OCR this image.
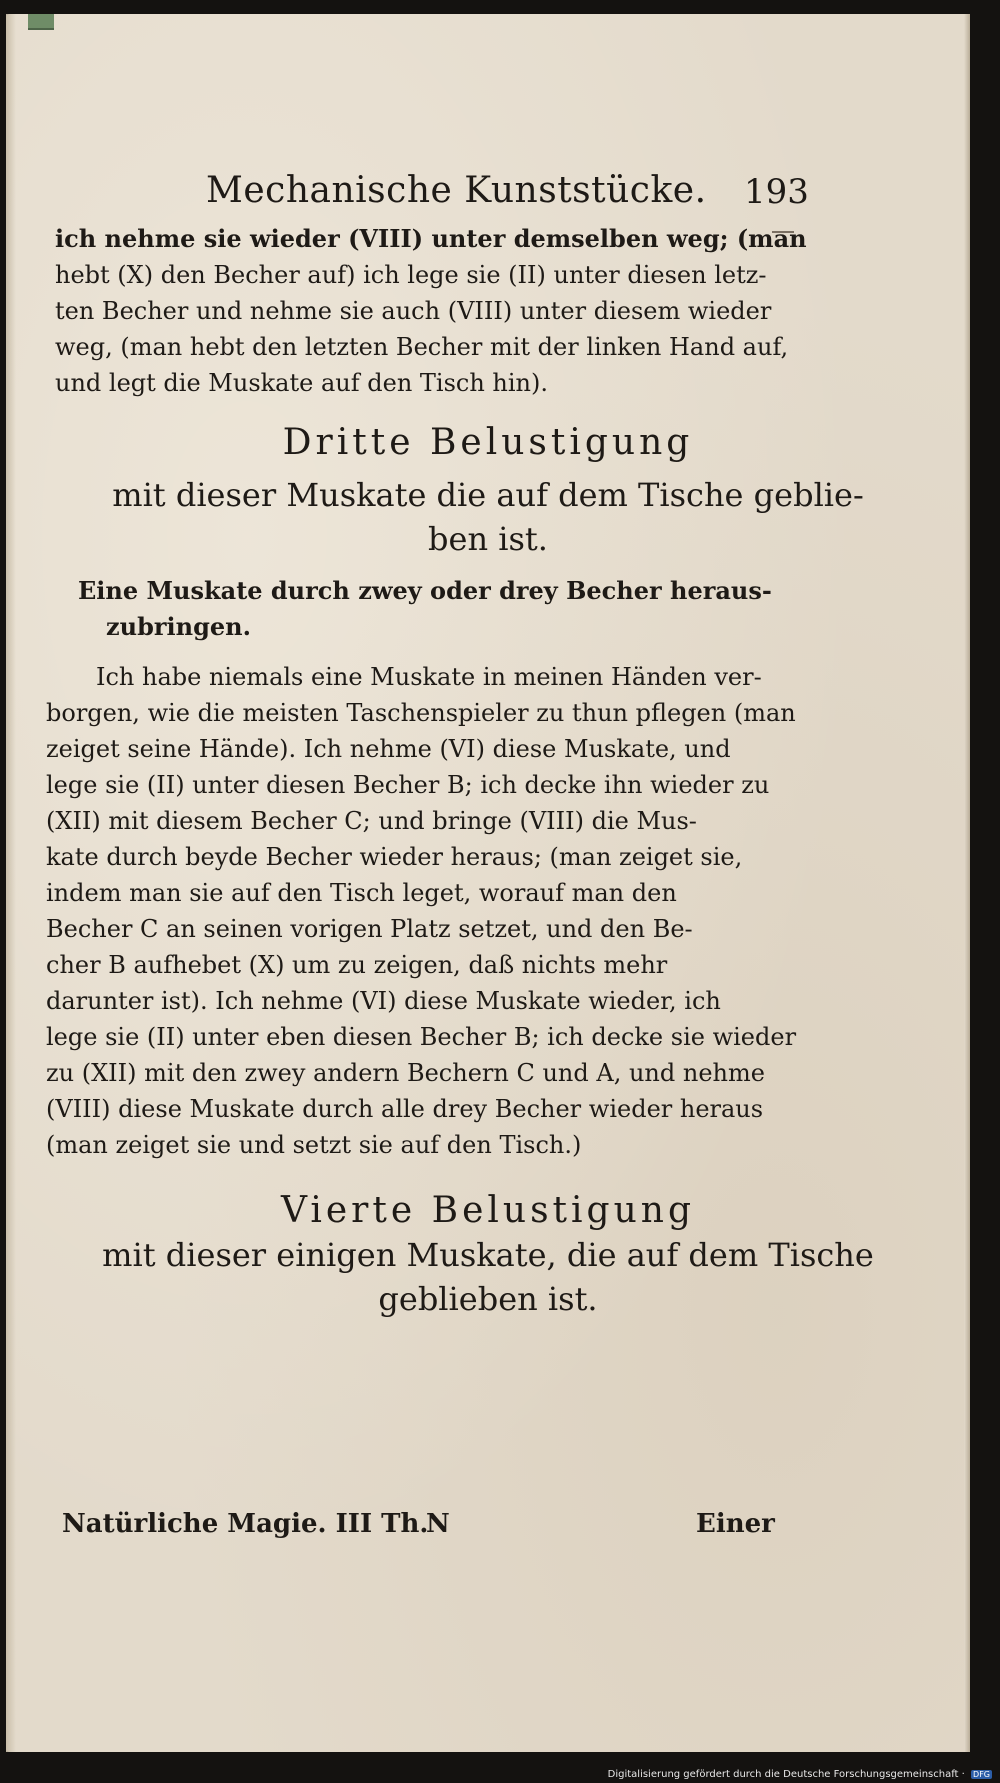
Mechanische Kunststücke. 193
ich nehme sie wieder (VIII) unter demselben weg; (man
hebt (X) den Becher auf) ich lege sie (II) unter diesen letz-
ten Becher und nehme sie auch (VIII) unter diesem wieder
weg, (man hebt den letzten Becher mit der linken Hand auf,
und legt die Muskate auf den Tisch hin).
Dritte Belustigung
mit dieser Muskate die auf dem Tische geblie-
ben ist.
Eine Muskate durch zwey oder drey Becher heraus-
zubringen.
Ich habe niemals eine Muskate in meinen Händen ver-
borgen, wie die meisten Taschenspieler zu thun pflegen (man
zeiget seine Hände). Ich nehme (VI) diese Muskate, und
lege sie (II) unter diesen Becher B; ich decke ihn wieder zu
(XII) mit diesem Becher C; und bringe (VIII) die Mus-
kate durch beyde Becher wieder heraus; (man zeiget sie,
indem man sie auf den Tisch leget, worauf man den
Becher C an seinen vorigen Platz setzet, und den Be-
cher B aufhebet (X) um zu zeigen, daß nichts mehr
darunter ist). Ich nehme (VI) diese Muskate wieder, ich
lege sie (II) unter eben diesen Becher B; ich decke sie wieder
zu (XII) mit den zwey andern Bechern C und A, und nehme
(VIII) diese Muskate durch alle drey Becher wieder heraus
(man zeiget sie und setzt sie auf den Tisch.)
Vierte Belustigung
mit dieser einigen Muskate, die auf dem Tische
geblieben ist.
Natürliche Magie. III Th.
N	Einer
Digitalisierung gefördert durch die Deutsche Forschungsgemeinschaft · DFG
